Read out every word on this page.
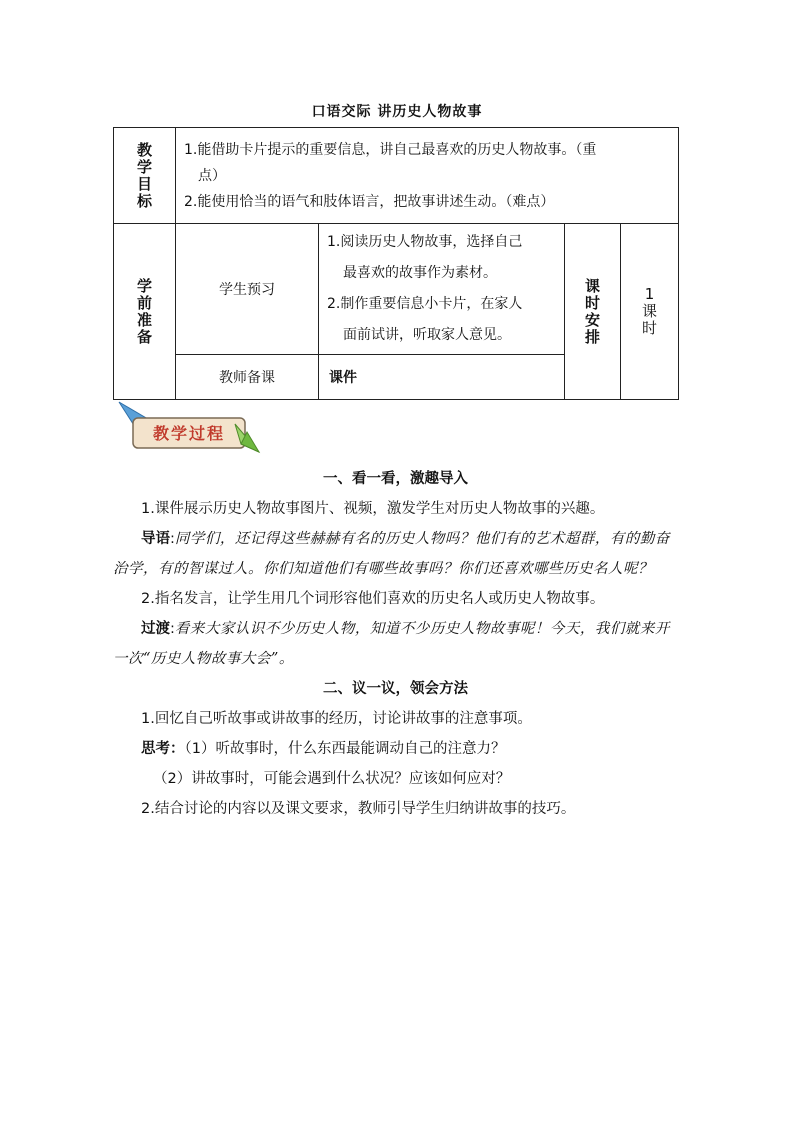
口语交际 讲历史人物故事
教学目标	1.能借助卡片提示的重要信息，讲自己最喜欢的历史人物故事。（重

点）

2.能使用恰当的语气和肢体语言，把故事讲述生动。（难点）			

学前准备	学生预习	1.阅读历史人物故事，选择自己

最喜欢的故事作为素材。

2.制作重要信息小卡片，在家人

面前试讲，听取家人意见。	课时安排	1课时

	教师备课	课件		
教学过程
一、看一看，激趣导入

1.课件展示历史人物故事图片、视频，激发学生对历史人物故事的兴趣。

导语:同学们，还记得这些赫赫有名的历史人物吗？他们有的艺术超群，有的勤奋治学，有的智谋过人。你们知道他们有哪些故事吗？你们还喜欢哪些历史名人呢？

2.指名发言，让学生用几个词形容他们喜欢的历史名人或历史人物故事。

过渡:看来大家认识不少历史人物，知道不少历史人物故事呢！今天，我们就来开一次“历史人物故事大会”。

二、议一议，领会方法

1.回忆自己听故事或讲故事的经历，讨论讲故事的注意事项。

思考：（1）听故事时，什么东西最能调动自己的注意力？

（2）讲故事时，可能会遇到什么状况？应该如何应对？

2.结合讨论的内容以及课文要求，教师引导学生归纳讲故事的技巧。
